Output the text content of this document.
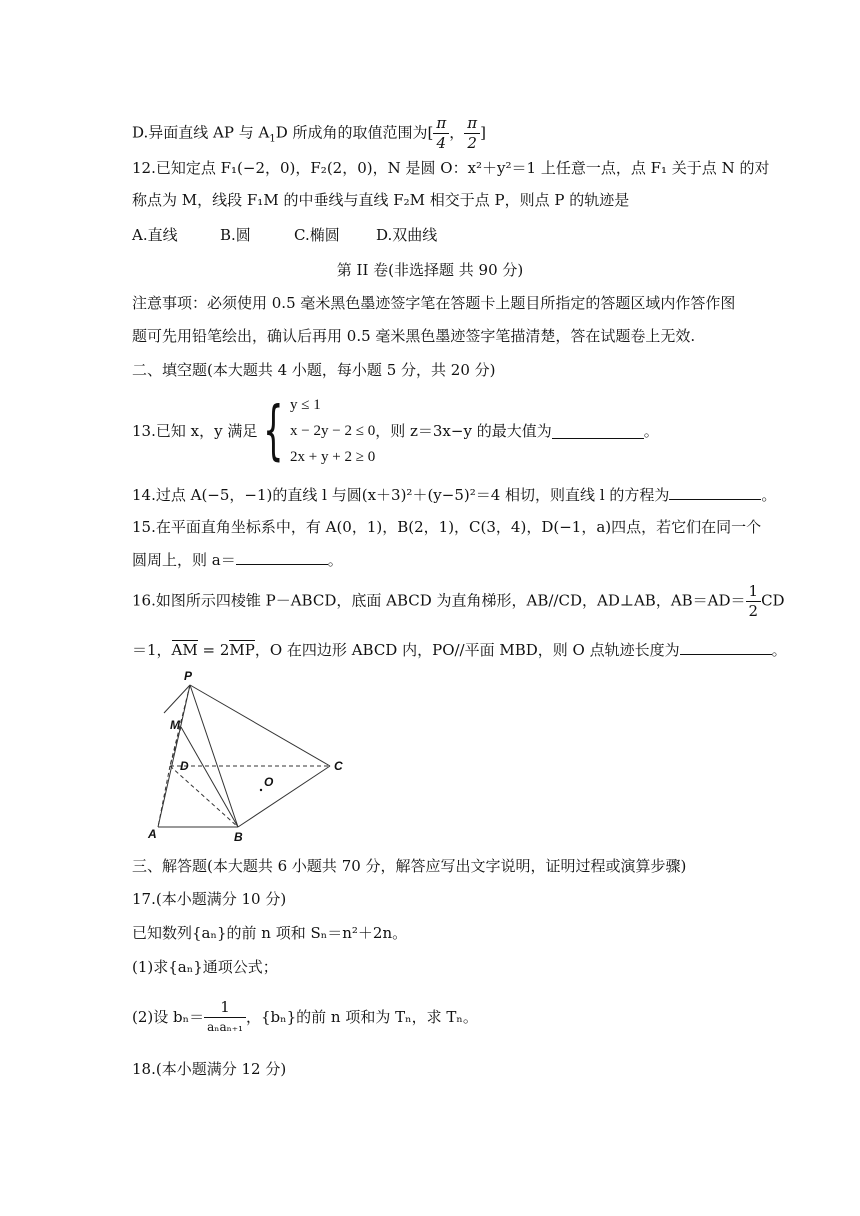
D.异面直线 AP 与 $A_1D$ 所成角的取值范围为[ $\frac{\pi}{4}$ ， $\frac{\pi}{2}$ ]
12.已知定点 F₁(−2，0)，F₂(2，0)，N 是圆 O：x²＋y²＝1 上任意一点，点 F₁ 关于点 N 的对
称点为 M，线段 F₁M 的中垂线与直线 F₂M 相交于点 P，则点 P 的轨迹是
A.直线	B.圆	C.椭圆 D.双曲线
第 II 卷(非选择题 共 90 分)
注意事项：必须使用 0.5 毫米黑色墨迹签字笔在答题卡上题目所指定的答题区域内作答作图
题可先用铅笔绘出，确认后再用 0.5 毫米黑色墨迹签字笔描清楚，答在试题卷上无效.
二、填空题(本大题共 4 小题，每小题 5 分，共 20 分)
13.已知 x，y 满足 { y ≤ 1
x − 2y − 2 ≤ 0
2x + y + 2 ≥ 0
，则 z＝3x−y 的最大值为	。
14.过点 A(−5，−1)的直线 l 与圆(x＋3)²＋(y−5)²＝4 相切，则直线 l 的方程为	。
15.在平面直角坐标系中，有 A(0，1)，B(2，1)，C(3，4)，D(−1，a)四点，若它们在同一个
圆周上，则 a＝	。
16.如图所示四棱锥 P－ABCD，底面 ABCD 为直角梯形，AB//CD，AD⊥AB，$AB=AD= \frac{1}{2}$ CD
＝1，AM = 2MP，O 在四边形 ABCD 内，PO//平面 MBD，则 O 点轨迹长度为	。
P
M
D
O
C
A	B
三、解答题(本大题共 6 小题共 70 分，解答应写出文字说明，证明过程或演算步骤)
17.(本小题满分 10 分)
已知数列{aₙ}的前 n 项和 Sₙ＝n²＋2n。
(1)求{aₙ}通项公式；
(2)设 $b_n= \frac{1}{\text{aₙaₙ₊₁}}$ ，{bₙ}的前 n 项和为 Tₙ，求 Tₙ。
18.(本小题满分 12 分)
